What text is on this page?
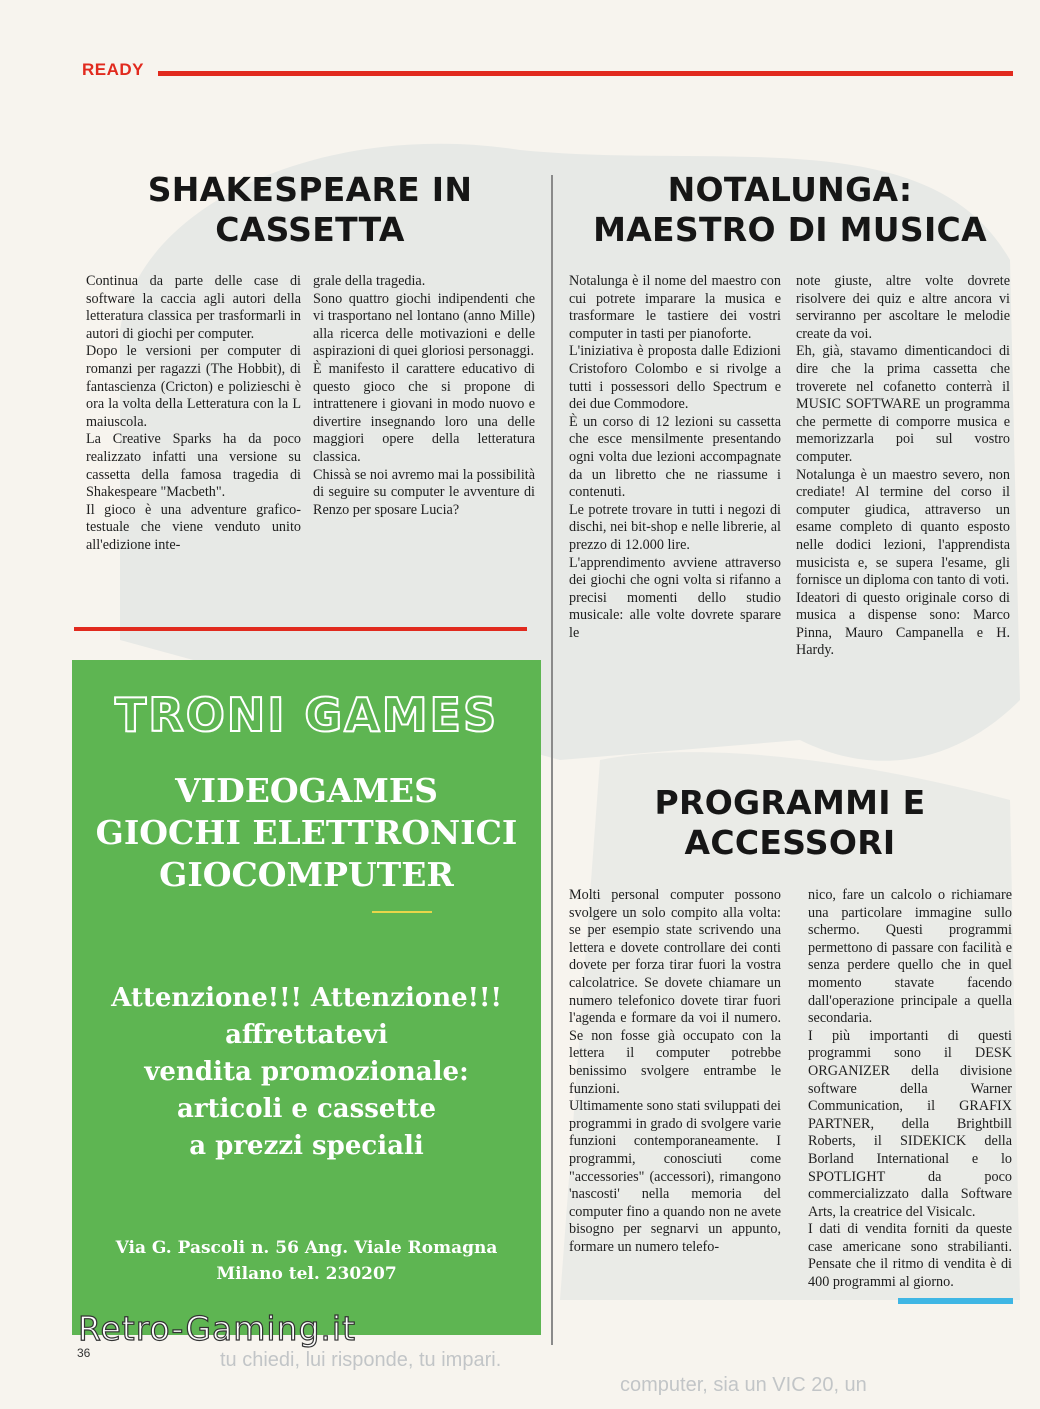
READY
SHAKESPEARE IN
CASSETTA

Continua da parte delle case di software la caccia agli autori della letteratura classica per trasformarli in autori di giochi per computer.

Dopo le versioni per computer di romanzi per ragazzi (The Hobbit), di fantascienza (Cricton) e polizieschi è ora la volta della Letteratura con la L maiuscola.

La Creative Sparks ha da poco realizzato infatti una versione su cassetta della famosa tragedia di Shakespeare "Macbeth".

Il gioco è una adventure grafico-testuale che viene venduto unito all'edizione inte-

grale della tragedia.

Sono quattro giochi indipendenti che vi trasportano nel lontano (anno Mille) alla ricerca delle motivazioni e delle aspirazioni di quei gloriosi personaggi.

È manifesto il carattere educativo di questo gioco che si propone di intrattenere i giovani in modo nuovo e divertire insegnando loro una delle maggiori opere della letteratura classica.

Chissà se noi avremo mai la possibilità di seguire su computer le avventure di Renzo per sposare Lucia?

NOTALUNGA:
MAESTRO DI MUSICA

Notalunga è il nome del maestro con cui potrete imparare la musica e trasformare le tastiere dei vostri computer in tasti per pianoforte.

L'iniziativa è proposta dalle Edizioni Cristoforo Colombo e si rivolge a tutti i possessori dello Spectrum e dei due Commodore.

È un corso di 12 lezioni su cassetta che esce mensilmente presentando ogni volta due lezioni accompagnate da un libretto che ne riassume i contenuti.

Le potrete trovare in tutti i negozi di dischi, nei bit-shop e nelle librerie, al prezzo di 12.000 lire.

L'apprendimento avviene attraverso dei giochi che ogni volta si rifanno a precisi momenti dello studio musicale: alle volte dovrete sparare le

note giuste, altre volte dovrete risolvere dei quiz e altre ancora vi serviranno per ascoltare le melodie create da voi.

Eh, già, stavamo dimenticandoci di dire che la prima cassetta che troverete nel cofanetto conterrà il MUSIC SOFTWARE un programma che permette di comporre musica e memorizzarla poi sul vostro computer.

Notalunga è un maestro severo, non crediate! Al termine del corso il computer giudica, attraverso un esame completo di quanto esposto nelle dodici lezioni, l'apprendista musicista e, se supera l'esame, gli fornisce un diploma con tanto di voti.

Ideatori di questo originale corso di musica a dispense sono: Marco Pinna, Mauro Campanella e H. Hardy.

PROGRAMMI E
ACCESSORI

Molti personal computer possono svolgere un solo compito alla volta: se per esempio state scrivendo una lettera e dovete controllare dei conti dovete per forza tirar fuori la vostra calcolatrice. Se dovete chiamare un numero telefonico dovete tirar fuori l'agenda e formare da voi il numero. Se non fosse già occupato con la lettera il computer potrebbe benissimo svolgere entrambe le funzioni.

Ultimamente sono stati sviluppati dei programmi in grado di svolgere varie funzioni contemporaneamente. I programmi, conosciuti come "accessories" (accessori), rimangono 'nascosti' nella memoria del computer fino a quando non ne avete bisogno per segnarvi un appunto, formare un numero telefo-

nico, fare un calcolo o richiamare una particolare immagine sullo schermo. Questi programmi permettono di passare con facilità e senza perdere quello che in quel momento stavate facendo dall'operazione principale a quella secondaria.

I più importanti di questi programmi sono il DESK ORGANIZER della divisione software della Warner Communication, il GRAFIX PARTNER, della Brightbill Roberts, il SIDEKICK della Borland International e lo SPOTLIGHT da poco commercializzato dalla Software Arts, la creatrice del Visicalc.

I dati di vendita forniti da queste case americane sono strabilianti. Pensate che il ritmo di vendita è di 400 programmi al giorno.

TRONI GAMES
VIDEOGAMES
GIOCHI ELETTRONICI
GIOCOMPUTER
Attenzione!!! Attenzione!!!
affrettatevi
vendita promozionale:
articoli e cassette
a prezzi speciali
Via G. Pascoli n. 56 Ang. Viale Romagna
Milano tel. 230207
tu chiedi, lui risponde, tu impari.
computer, sia un VIC 20, un
Retro-Gaming.it
36
